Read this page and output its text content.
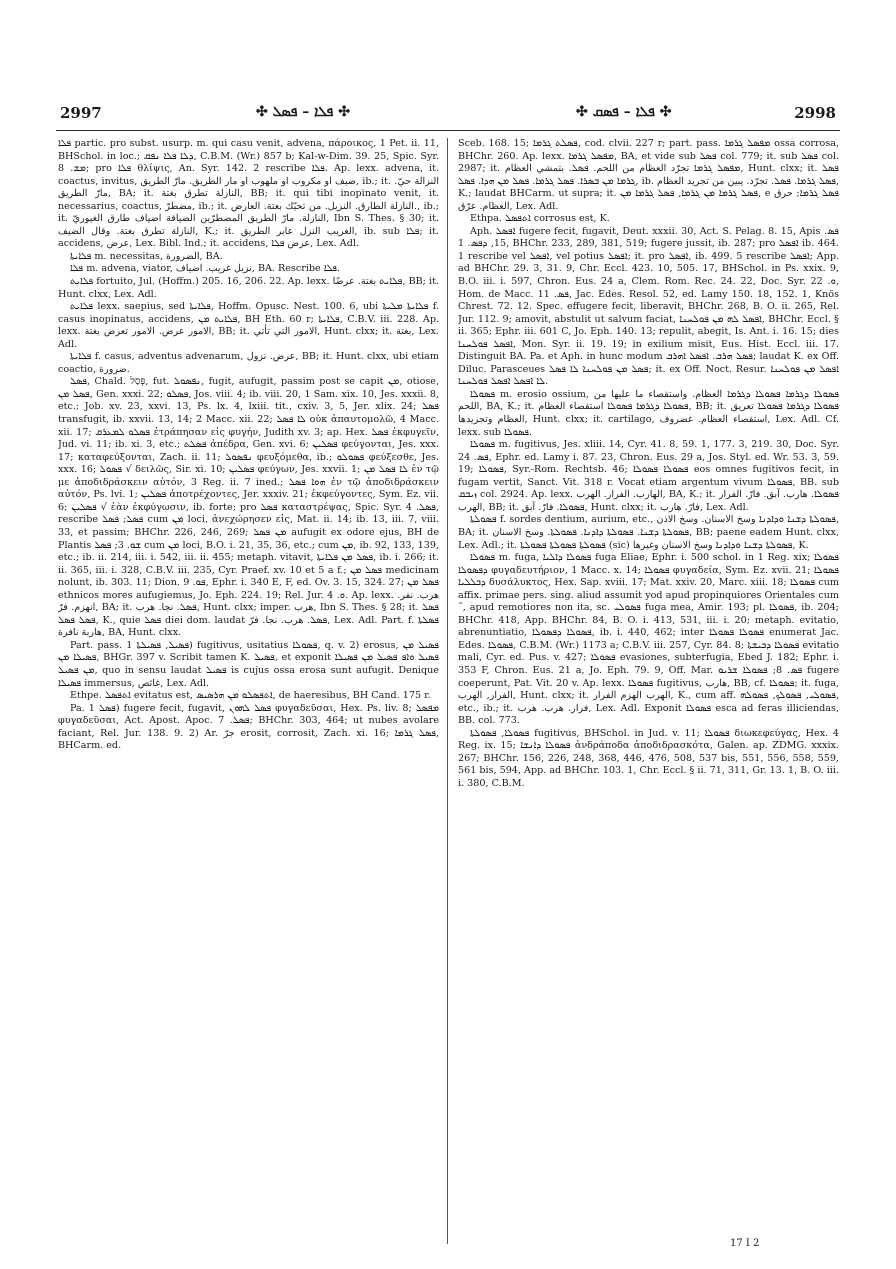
2997	✣ ܦܠܐ – ܦܣܠ ✣	✣ ܦܠܐ – ܦܣܩ ✣	2998

ܦܠܐ partic. pro subst. usurp. m. qui casu venit, advena, πάροικος, 1 Pet. ii. 11, BHSchol. in loc.; ܕܠܐ ܦܠܐ ܢܦܩ, C.B.M. (Wr.) 857 b; Kal-w-Dim. 39. 25, Spic. Syr. ܡܫ. 8; pro ܦܠܐ θλίψις, An. Syr. 142. 2 rescribe ܦܠܐ. Ap. lexx. advena, it. coactus, invitus, ضيف او مكروب او ملهوب او مار الطريق. مارّ الطريق, ib.; it. النزالة حيّ. مارّ الطريق, BA; it. النازلة تطرق بغتة, BB; it. qui tibi inopinato venit, it. necessarius, coactus, مضطرّ, ib.; it. النازلة الطارق. النزيل. من تحيّك بغتة. العارض., ib.; it. النازلة. مارّ الطريق المضطرّين الضيافة اضياف طارق الغيوريّ, Ibn S. Thes. § 30; it. النازلة تطرق بغتة. وقال الضيف, K.; it. الغريب النزل عابر الطريق, ib. sub ܦܠܐ; it. accidens, عرض, Lex. Bibl. Ind.; it. accidens, عرض ܦܠܐ, Lex. Adl.

ܦܠܐܝܬܐ m. necessitas, الضرورة, BA.

ܦܠܐ m. advena, viator, نزيل غريب. اضياف, BA. Rescribe ܦܠܐ.

ܦܠܐܝܬ fortuito, Jul. (Hoffm.) 205. 16, 206. 22. Ap. lexx. ܦܠܐܝܬ بغتة. عرضًا, BB; it. Hunt. clxx, Lex. Adl.

ܦܠܐܝܬ lexx. saepius, sed ܦܠܐܝܬܐ, Hoffm. Opusc. Nest. 100. 6, ubi ܦܠܐܝܬܐ ܡܠܝܬܐ f. casus inopinatus, accidens, ܦܠܐܝܬ ܡܢ, BH Eth. 60 r; ܦܠܐܝܬܐ, C.B.V. iii. 228. Ap. lexx. الامور عرض. الامور تعرض بغتة, BB; it. الامور التي تأتي, Hunt. clxx; it. بغتة, Lex. Adl.

ܦܠܐܝܬܐ f. casus, adventus advenarum, عرض. نزول, BB; it. Hunt. clxx, ubi etiam coactio, ضرورة.

ܦܣܠ, Chald. פְּסַל, fut. ܢܦܣܘܠ, fugit, aufugit, passim post se capit ܡܢ, otiose, ܦܣܠ ܡܢ, Gen. xxxi. 22; ܦܣܠܘ, Jos. viii. 4; ib. viii. 20, 1 Sam. xix. 10, Jes. xxxii. 8, etc.; Job. xv. 23, xxvi. 13, Ps. lx. 4, lxiii. tit., cxiv. 3, 5, Jer. xlix. 24; ܦܣܠ transfugit, ib. xxvii. 13, 14; 2 Macc. xii. 22; ܠܐ ܦܣܠ οὐκ ἀπαυτομολῶ, 4 Macc. xii. 17; ܦܣܠܘ ܠܡܥܪܩ ἐτράπησαν εἰς φυγήν, Judith xv. 3; ap. Hex. ܦܣܠ ἐκφυγεῖν, Jud. vi. 11; ib. xi. 3, etc.; ܦܣܠܬ ἀπέδρα, Gen. xvi. 6; ܦܣܠܝܢ φεύγονται, Jes. xxx. 17; καταφεύξονται, Zach. ii. 11; ܢܦܣܘܠ φευξόμεθα, ib.; ܦܣܘܠܘ φεύξεσθε, Jes. xxx. 16; ܦܣܘܠ √ δειλῶς, Sir. xi. 10; ܦܣܠܝܢ φεύγων, Jes. xxvii. 1; ܠܐ ܦܣܠ ܡܢ ἐν τῷ με ἀποδιδράσκειν αὐτόν, 3 Reg. ii. 7 ined.; ܗܘܐ ܦܣܠ ἐν τῷ ἀποδιδράσκειν αὐτόν, Ps. lvi. 1; ܦܣܠܝܢ ἀποτρέχοντες, Jer. xxxiv. 21; ἐκφεύγοντες, Sym. Ez. vii. 6; ܦܣܠܝܢ √ ἐὰν ἐκφύγωσιν, ib. forte; pro ܦܣܠ καταστρέψας, Spic. Syr. ܦܣܠ. 4, rescribe ܦܣܠ; ܦܣܠ cum ܡܢ loci, ἀνεχώρησεν εἰς, Mat. ii. 14; ib. 13, iii. 7, viii. 33, et passim; BHChr. 226, 246, 269; ܡܢ ܦܣܠ aufugit ex odore ejus, BH de Plantis ܫܘ. 3; ܦܣܠ cum ܡܢ loci, B.O. i. 21, 35, 36, etc.; cum ܡܢ, ib. 92, 133, 139, etc.; ib. ii. 214, iii. i. 542, iii. ii. 455; metaph. vitavit, ܦܣܠ ܡܢ ܦܠܐܝܬܐ, ib. i. 266; it. ii. 365, iii. i. 328, C.B.V. iii. 235, Cyr. Praef. xv. 10 et 5 a f.; ܦܣܠ ܡܢ medicinam nolunt, ib. 303. 11; Dion. ܦܘ. 9, Ephr. i. 340 E, F, ed. Ov. 3. 15, 324. 27; ܦܣܠ ܡܢ ethnicos mores aufugiemus, Jo. Eph. 224. 19; Rel. Jur. ܘ. 4. Ap. lexx. هرب. نفر. انهزم. فرّ, BA; it. ܦܣܠ. نجا. هرب, Hunt. clxx; imper. هرب, Ibn S. Thes. § 28; it. ܦܣܠ ܦܣܠ ܦܣܠ, K., quie ܦܣܠ diei dom. laudat ܦܣܠ. هرب. نجا. فرّ, Lex. Adl. Part. f. ܦܣܠܬܐ هاربة نافرة, BA, Hunt. clxx.

Part. pass. ܦܣܝܠ, ܦܣܝܠܬܐ 1) fugitivus, usitatius ܦܣܘܠܐ, q. v. 2) erosus, ܦܣܝܠ ܡܢ ܦܣܝܠܐ ܡܢ, BHGr. 397 v. Scribit tamen K. ܦܣܝܠ, et exponit ܦܣܝܠ ܘܐܦ ܦܣܝܠ ܡܢ ܦܣܝܠܐ ܡܢ ܦܣܝܠ, quo in sensu laudat ܦܣܝܠ is cujus ossa erosa sunt aufugit. Denique ܦܣܝܠܐ immersus, غائص, Lex. Adl.

Ethpe. ܐܬܦܣܠ evitatus est, ܐܬܦܣܠܘ ܡܢ ܗܪܣܝܣ, de haeresibus, BH Cand. 175 r.

Pa. ܦܣܠ 1) fugere fecit, fugavit, ܦܣܠ ܠܗܘܢ φυγαδεῦσαι, Hex. Ps. liv. 8; ܡܦܣܠ φυγαδεῦσαι, Act. Apost. Apoc. ܦܣܠ. 7; BHChr. 303, 464; ut nubes avolare faciant, Rel. Jur. 138. 9. 2) Ar. جرّ erosit, corrosit, Zach. xi. 16; ܦܣܠ ܓܪܡܐ, BHCarm. ed.

Sceb. 168. 15; ܦܣܠܬ ܓܪܡܐ, cod. clvii. 227 r; part. pass. ܡܦܣܠ ܓܪܡܐ ossa corrosa, BHChr. 260. Ap. lexx. ܡܦܣܠ ܓܪܡܐ, BA, et vide sub ܦܣܠ col. 779; it. sub ܦܣܠ col. 2987; it. ܡܦܣܠ ܓܪܡܐ تجرّد العظام من اللحم. ܦܣܠ. بتمشي العظام, Hunt. clxx; it. ܦܣܠ ܓܪܡܐ ܡܢ ܒܣܪܐ. ܦܣܠ ܓܪܡܐ. ܦܣܠ ܡܢ ܗܕܐ. ܦܣܠ, ib. ܦܣܠ ܓܪܡܐ. ܦܣܠ. تجرّد. يبين من تجريد العظام, K.; laudat BHCarm. ut supra; it. ܦܣܠ ܓܪܡܐ ܡܢ ܓܪܡܐ, ܦܣܠ ܓܪܡܐ ܡܢ, e ܦܣܠ ܓܪܡܐ; حرق العظام. عرّق, Lex. Adl.

Ethpa. ܐܬܦܣܠ corrosus est, K.

Aph. ܐܦܣܠ fugere fecit, fugavit, Deut. xxxii. 30, Act. S. Pelag. 8. 15, Apis ܦܣ. 15, ܕܦܣ. 1, BHChr. 233, 289, 381, 519; fugere jussit, ib. 287; pro ܐܦܣܠ ib. 464. 1 rescribe vel ܐܦܣܠ, vel potius ܐܦܣܠ; it. pro ܐܦܣܠ, ib. 499. 5 rescribe ܐܦܣܠ; App. ad BHChr. 29. 3, 31. 9, Chr. Eccl. 423. 10, 505. 17, BHSchol. in Ps. xxix. 9, B.O. iii. i. 597, Chron. Eus. 24 a, Clem. Rom. Rec. 24. 22, Doc. Syr. ܘ. 22, Hom. de Macc. ܦܣ. 11, Jac. Edes. Resol. 52, ed. Lamy 150. 18, 152. 1, Knös Chrest. 72. 12. Spec. effugere fecit, liberavit, BHChr. 268, B. O. ii. 265, Rel. Jur. 112. 9; amovit, abstulit ut salvum faciat, ܐܦܣܠ ܠܗ ܡܢ ܦܘܠܚܢܐ, BHChr. Eccl. § ii. 365; Ephr. iii. 601 C, Jo. Eph. 140. 13; repulit, abegit, Is. Ant. i. 16. 15; dies ܐܦܣܠ ܦܘܠܚܢܐ, Mon. Syr. ii. 19. 19; in exilium misit, Eus. Hist. Eccl. iii. 17. Distinguit BA. Pa. et Aph. in hunc modum ܦܣܠ ܗܪܒ. ܐܦܣܠ ܐܗܪܒ; laudat K. ex Off. Diluc. Parasceues ܦܣܠ ܡܢ ܦܘܠܚܢܐ ܠܐ ܦܣܠ; it. ex Off. Noct. Resur. ܐܦܣܠ ܡܢ ܦܘܠܚܢܐ ܠܐ ܐܦܣܠ ܐܦܣܠ ܦܘܠܚܢܐ.

ܦܣܘܠܐ m. erosio ossium, ܦܣܘܠܐ ܕܓܪܡܐ ܦܣܘܠܐ ܕܓܪܡܐ العظام. واستقصاء ما عليها من اللحم, BA, K.; it. ܦܣܘܠܐ ܕܓܪܡܐ ܦܣܘܠܐ استقصاء العظام, BB; it. ܦܣܘܠܐ ܕܓܪܡܐ ܦܣܘܠܐ تعريق العظام وتجريدها, Hunt. clxx; it. cartilago, استقصاء العظام. غضروف, Lex. Adl. Cf. lexx. sub ܦܣܘܠܐ.

ܦܣܘܠܐ m. fugitivus, Jes. xliii. 14, Cyr. 41. 8, 59. 1, 177. 3, 219. 30, Doc. Syr. ܦܣ. 24, Ephr. ed. Lamy i. 87. 23, Chron. Eus. 29 a, Jos. Styl. ed. Wr. 53. 3, 59. 19; ܦܣܘܠܐ, Syr.-Rom. Rechtsb. 46; ܦܣܘܠܐ ܦܣܘܠܐ eos omnes fugitivos fecit, in fugam vertit, Sanct. Vit. 318 r. Vocat etiam argentum vivum ܦܣܘܠܐ, BB. sub ܙܝܒܩ col. 2924. Ap. lexx. الهارب. الفرار. الهرب, BA, K.; it. ܦܣܘܠܐ. هارب. آبق. فارّ. الفرار الهرب, BB; it. ܦܣܘܠܐ. فارّ. آبق, Hunt. clxx; it. فارّ. هارب, Lex. Adl.

ܦܣܘܠܬܐ f. sordes dentium, aurium, etc., ܦܣܘܠܬܐ ܕܫܢܐ ܘܕܐܕܢܐ وسخ الاسنان. وسخ الاذن, BA; it. ܦܣܘܠܬܐ ܕܫܢܐ. ܦܣܘܠܬܐ ܕܐܕܢܐ. ܦܣܘܠܬܐ. وسخ الاسنان, BB; paene eadem Hunt. clxx, Lex. Adl.; it. ܦܣܘܠܬܐ ܦܣܘܠܬܐ ܦܣܘܠܬܐ (sic) ܦܣܘܠܬܐ ܕܫܢܐ ܘܕܐܕܢܐ وسخ الاسنان وغيرها, K.

ܦܣܘܠܐ m. fuga, ܦܣܘܠܐ ܕܐܠܝܐ fuga Eliae, Ephr. i. 500 schol. in 1 Reg. xix; ܦܣܘܠܐ ܕܦܣܘܠܐ φυγαδευτήριον, 1 Macc. x. 14; ܦܣܘܠܐ φυγαδεία, Sym. Ez. xvii. 21; ܦܣܘܠܐ ܕܒܠܠܝܐ δυσάλυκτος, Hex. Sap. xviii. 17; Mat. xxiv. 20, Marc. xiii. 18; ܦܣܘܠܐ cum affix. primae pers. sing. aliud assumit yod apud propinquiores Orientales cum ˝, apud remotiores non ita, sc. ܦܣܘܠܝ fuga mea, Amir. 193; pl. ܦܣܘܠܐ, ib. 204; BHChr. 418, App. BHChr. 84, B. O. i. 413, 531, iii. i. 20; metaph. evitatio, abrenuntiatio, ܦܣܘܠܐ ܕܦܣܘܠܐ, ib. i. 440, 462; inter ܦܣܘܠܐ ܦܣܘܠܐ enumerat Jac. Edes. ܦܣܘܠܐ, C.B.M. (Wr.) 1173 a; C.B.V. iii. 257, Cyr. 84. 8; ܦܣܘܠܐ ܕܒܝܫܬܐ evitatio mali, Cyr. ed. Pus. v. 427; ܦܣܘܠܐ evasiones, subterfugia, Ebed J. 182; Ephr. i. 353 F, Chron. Eus. 21 a, Jo. Eph. 79. 9, Off. Mar. ܦܣ. 8; ܦܣܘܠܐ ܫܪܝܘ fugere coeperunt, Pat. Vit. 20 v. Ap. lexx. ܦܣܘܠܐ fugitivus, هارب, BB, cf. ܦܣܘܠܐ; it. fuga, الفرار, الهرب, Hunt. clxx; it. الهرب الهزم الفرار, K., cum aff. ܦܣܘܠܝ, ܦܣܘܠܟ, ܦܣܘܠܗ, etc., ib.; it. فرار. هرب. هرب, Lex. Adl. Exponit ܦܣܘܠܐ esca ad feras illiciendas, BB. col. 773.

ܦܣܘܠܐ, ܦܣܘܠܬܐ fugitivus, BHSchol. in Jud. v. 11; ܦܣܘܠܐ διωκεφεύγας, Hex. 4 Reg. ix. 15; ܦܣܘܠܐ ܕܐܢܫܐ ἀνδράποδα ἀποδιδρασκότα, Galen. ap. ZDMG. xxxix. 267; BHChr. 156, 226, 248, 368, 446, 476, 508, 537 bis, 551, 556, 558, 559, 561 bis, 594, App. ad BHChr. 103. 1, Chr. Eccl. § ii. 71, 311, Gr. 13. 1, B. O. iii. i. 380, C.B.M.

17 I 2
